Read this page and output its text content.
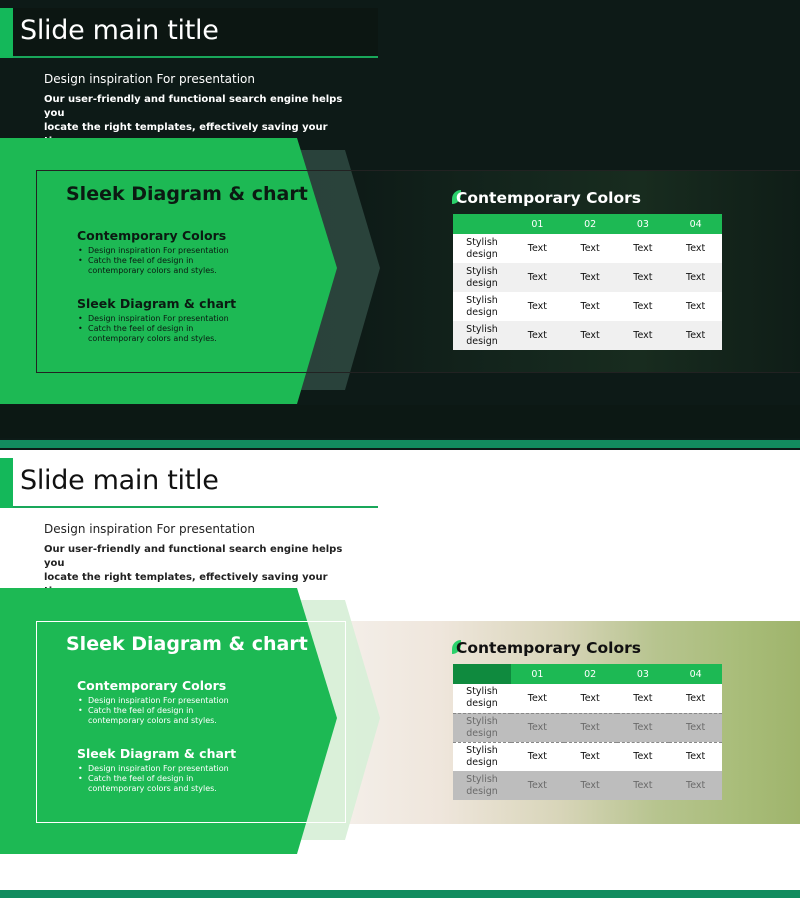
Slide main title
Design inspiration For presentation
Our user-friendly and functional search engine helps you
locate the right templates, effectively saving your
Sleek Diagram & chart
Contemporary Colors
• Design inspiration For presentation
• Catch the feel of design in
contemporary colors and styles.
Sleek Diagram & chart
• Design inspiration For presentation
• Catch the feel of design in
contemporary colors and styles.
Contemporary Colors
	01	02	03	04
Stylish
design	Text	Text	Text	Text
Stylish
design	Text	Text	Text	Text
Stylish
design	Text	Text	Text	Text
Stylish
design	Text	Text	Text	Text
Slide main title
Design inspiration For presentation
Our user-friendly and functional search engine helps you
locate the right templates, effectively saving your
Sleek Diagram & chart
Contemporary Colors
• Design inspiration For presentation
• Catch the feel of design in
contemporary colors and styles.
Sleek Diagram & chart
• Design inspiration For presentation
• Catch the feel of design in
contemporary colors and styles.
Contemporary Colors
	01	02	03	04
Stylish
design	Text	Text	Text	Text
Stylish
design	Text	Text	Text	Text
Stylish
design	Text	Text	Text	Text
Stylish
design	Text	Text	Text	Text
